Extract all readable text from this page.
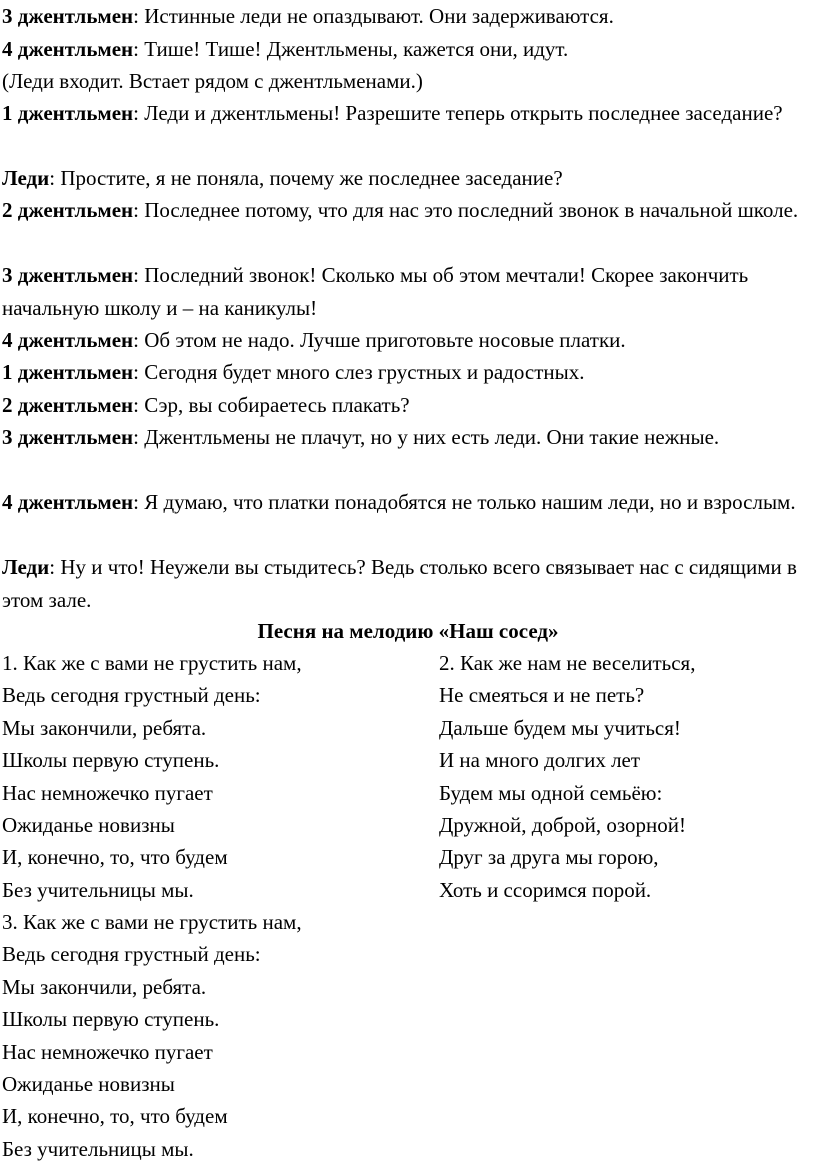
3 джентльмен: Истинные леди не опаздывают. Они задерживаются.

4 джентльмен: Тише! Тише! Джентльмены, кажется они, идут.

(Леди входит. Встает рядом с джентльменами.)

1 джентльмен: Леди и джентльмены! Разрешите теперь открыть последнее заседание?

Леди: Простите, я не поняла, почему же последнее заседание?

2 джентльмен: Последнее потому, что для нас это последний звонок в начальной школе.

3 джентльмен: Последний звонок! Сколько мы об этом мечтали! Скорее закончить начальную школу и – на каникулы!

4 джентльмен: Об этом не надо. Лучше приготовьте носовые платки.

1 джентльмен: Сегодня будет много слез грустных и радостных.

2 джентльмен: Сэр, вы собираетесь плакать?

3 джентльмен: Джентльмены не плачут, но у них есть леди. Они такие нежные.

4 джентльмен: Я думаю, что платки понадобятся не только нашим леди, но и взрослым.

Леди: Ну и что! Неужели вы стыдитесь? Ведь столько всего связывает нас с сидящими в этом зале.

Песня на мелодию «Наш сосед»
1. Как же с вами не грустить нам,
Ведь сегодня грустный день:
Мы закончили, ребята.
Школы первую ступень.
Нас немножечко пугает
Ожиданье новизны
И, конечно, то, что будем
Без учительницы мы.
2. Как же нам не веселиться,
Не смеяться и не петь?
Дальше будем мы учиться!
И на много долгих лет
Будем мы одной семьёю:
Дружной, доброй, озорной!
Друг за друга мы горою,
Хоть и ссоримся порой.
3. Как же с вами не грустить нам,
Ведь сегодня грустный день:
Мы закончили, ребята.
Школы первую ступень.
Нас немножечко пугает
Ожиданье новизны
И, конечно, то, что будем
Без учительницы мы.
